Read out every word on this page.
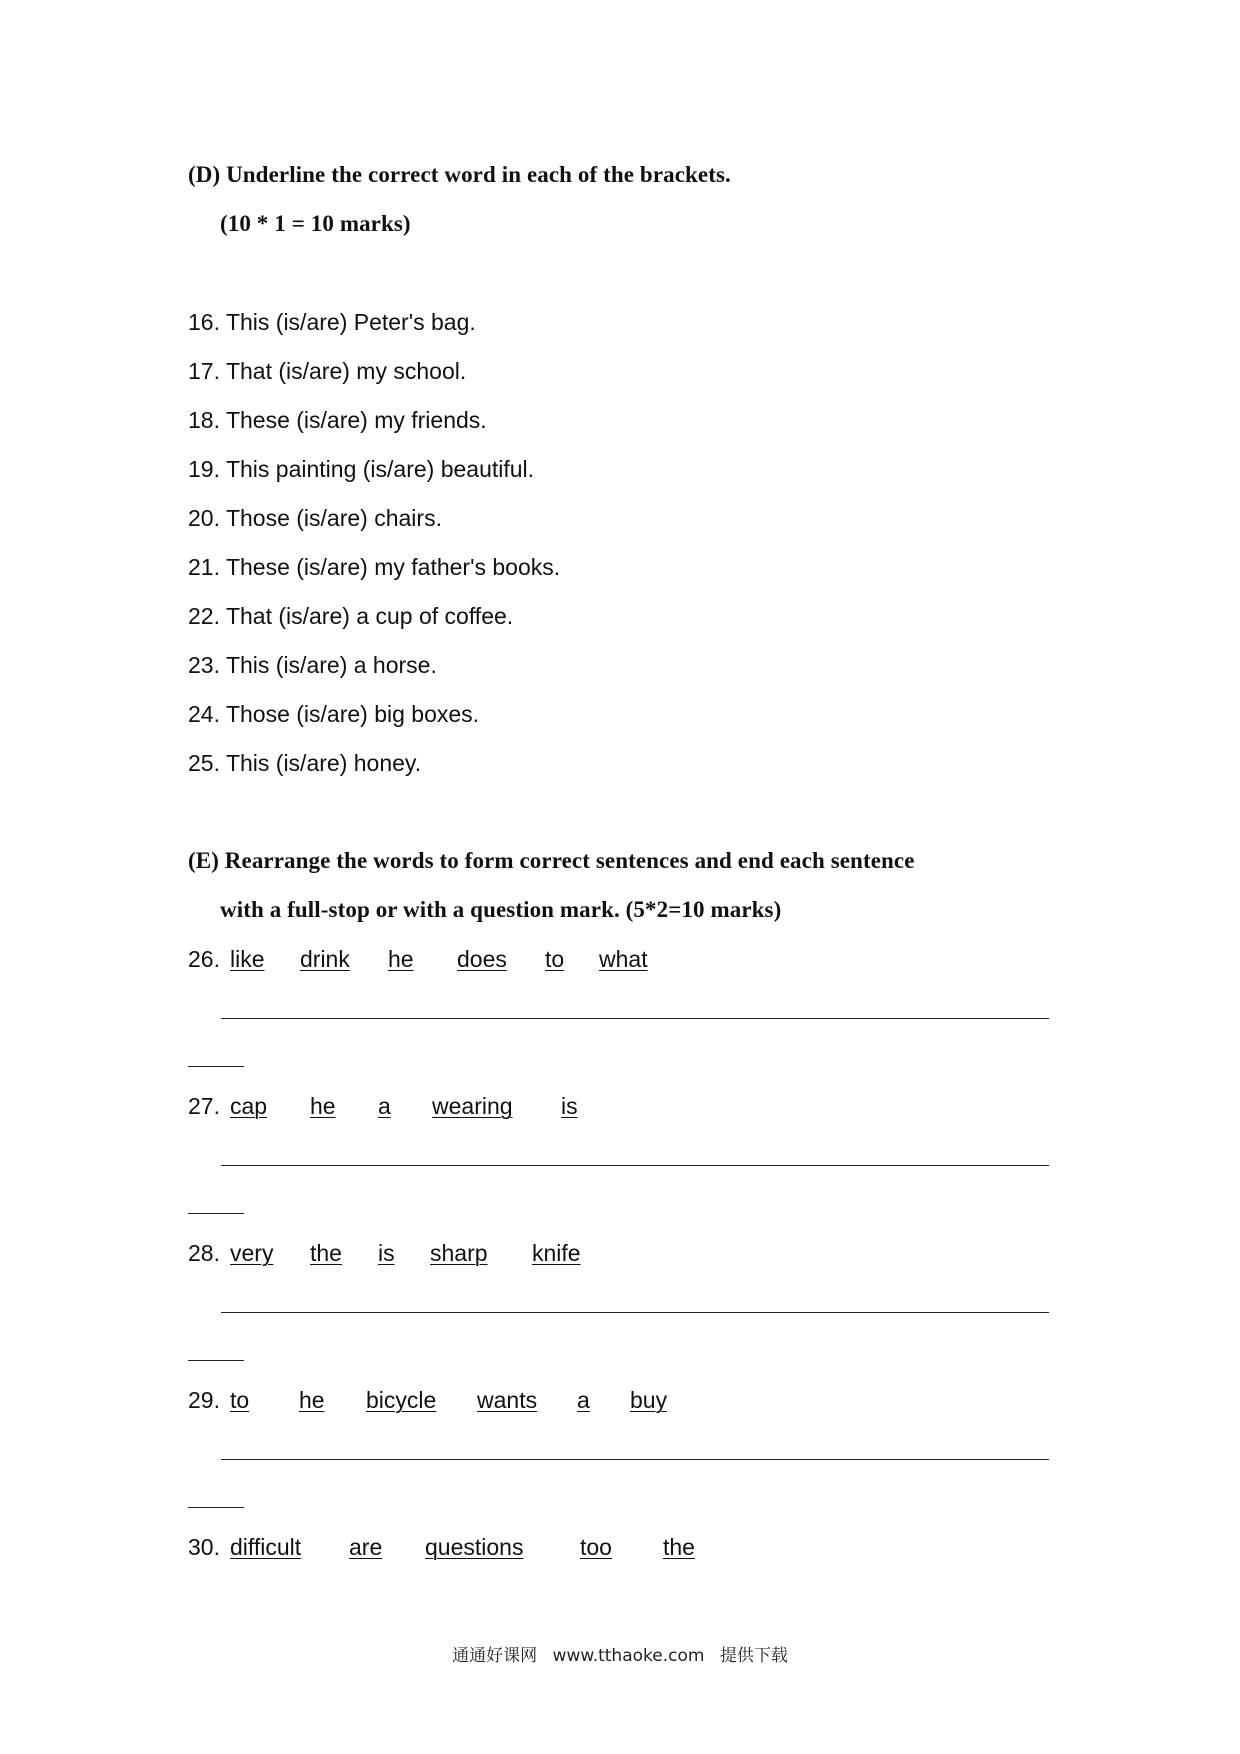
(D) Underline the correct word in each of the brackets.
(10 * 1 = 10 marks)
16. This (is/are) Peter's bag.
17. That (is/are) my school.
18. These (is/are) my friends.
19. This painting (is/are) beautiful.
20. Those (is/are) chairs.
21. These (is/are) my father's books.
22. That (is/are) a cup of coffee.
23. This (is/are) a horse.
24. Those (is/are) big boxes.
25. This (is/are) honey.
(E) Rearrange the words to form correct sentences and end each sentence
with a full-stop or with a question mark. (5*2=10 marks)
26. like drink he does to what
27. cap he a wearing is
28. very the is sharp knife
29. to he bicycle wants a buy
30. difficult are questions too the
通通好课网 www.tthaoke.com 提供下载
